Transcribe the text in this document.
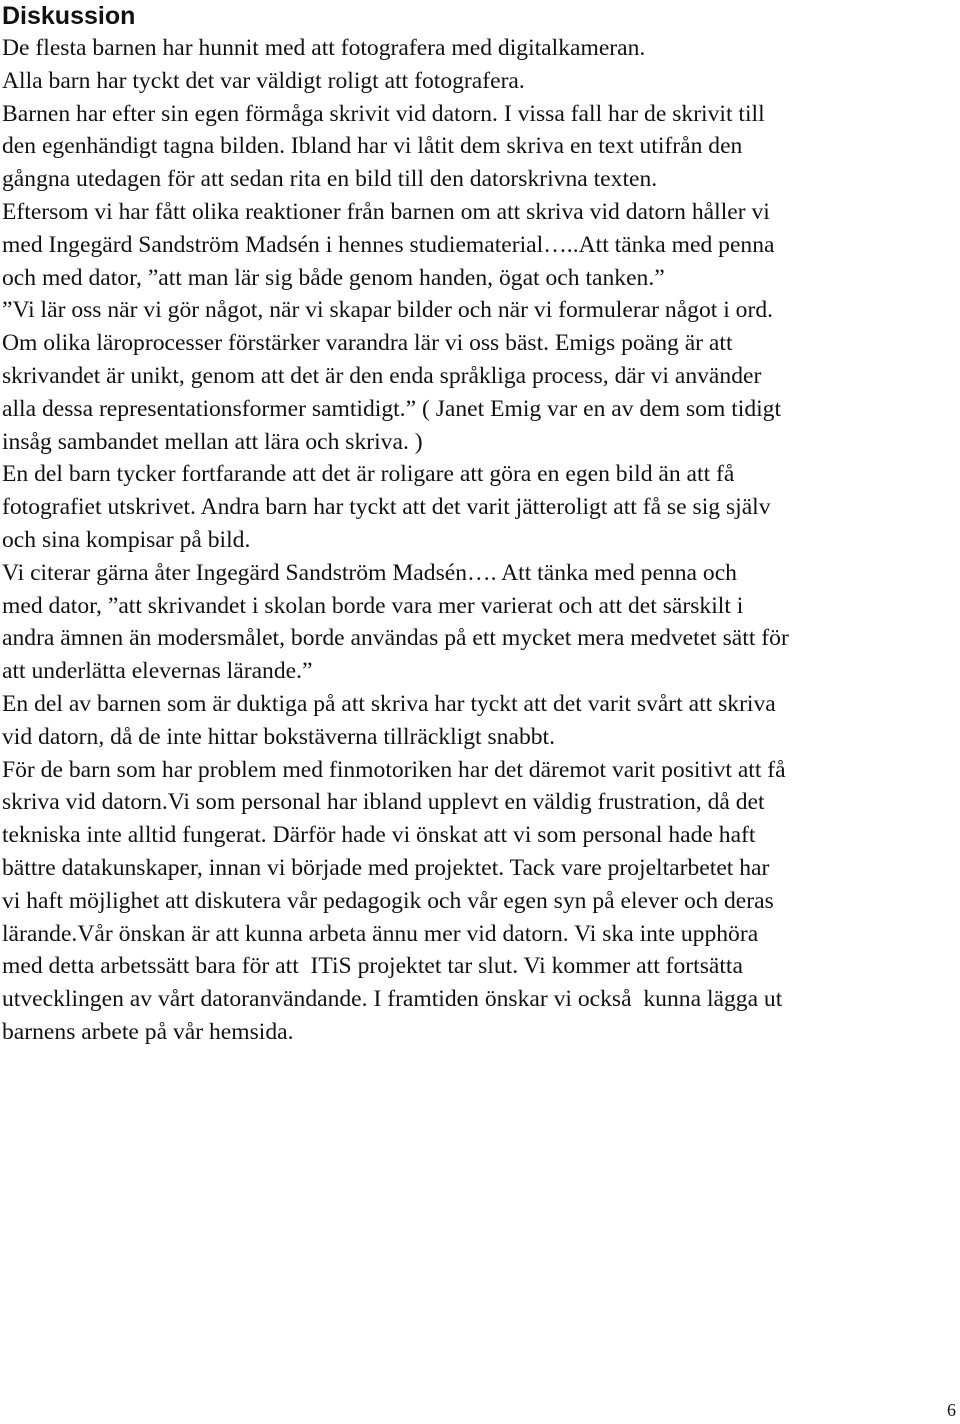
Diskussion
De flesta barnen har hunnit med att fotografera med digitalkameran.
Alla barn har tyckt det var väldigt roligt att fotografera.
Barnen har efter sin egen förmåga skrivit vid datorn. I vissa fall har de skrivit till
den egenhändigt tagna bilden. Ibland har vi låtit dem skriva en text utifrån den
gångna utedagen för att sedan rita en bild till den datorskrivna texten.
Eftersom vi har fått olika reaktioner från barnen om att skriva vid datorn håller vi
med Ingegärd Sandström Madsén i hennes studiematerial…..Att tänka med penna
och med dator, ”att man lär sig både genom handen, ögat och tanken.”
”Vi lär oss när vi gör något, när vi skapar bilder och när vi formulerar något i ord.
Om olika läroprocesser förstärker varandra lär vi oss bäst. Emigs poäng är att
skrivandet är unikt, genom att det är den enda språkliga process, där vi använder
alla dessa representationsformer samtidigt.” ( Janet Emig var en av dem som tidigt
insåg sambandet mellan att lära och skriva. )
En del barn tycker fortfarande att det är roligare att göra en egen bild än att få
fotografiet utskrivet. Andra barn har tyckt att det varit jätteroligt att få se sig själv
och sina kompisar på bild.
Vi citerar gärna åter Ingegärd Sandström Madsén…. Att tänka med penna och
med dator, ”att skrivandet i skolan borde vara mer varierat och att det särskilt i
andra ämnen än modersmålet, borde användas på ett mycket mera medvetet sätt för
att underlätta elevernas lärande.”
En del av barnen som är duktiga på att skriva har tyckt att det varit svårt att skriva
vid datorn, då de inte hittar bokstäverna tillräckligt snabbt.
För de barn som har problem med finmotoriken har det däremot varit positivt att få
skriva vid datorn.Vi som personal har ibland upplevt en väldig frustration, då det
tekniska inte alltid fungerat. Därför hade vi önskat att vi som personal hade haft
bättre datakunskaper, innan vi började med projektet. Tack vare projeltarbetet har
vi haft möjlighet att diskutera vår pedagogik och vår egen syn på elever och deras
lärande.Vår önskan är att kunna arbeta ännu mer vid datorn. Vi ska inte upphöra
med detta arbetssätt bara för att  ITiS projektet tar slut. Vi kommer att fortsätta
utvecklingen av vårt datoranvändande. I framtiden önskar vi också  kunna lägga ut
barnens arbete på vår hemsida.
6
